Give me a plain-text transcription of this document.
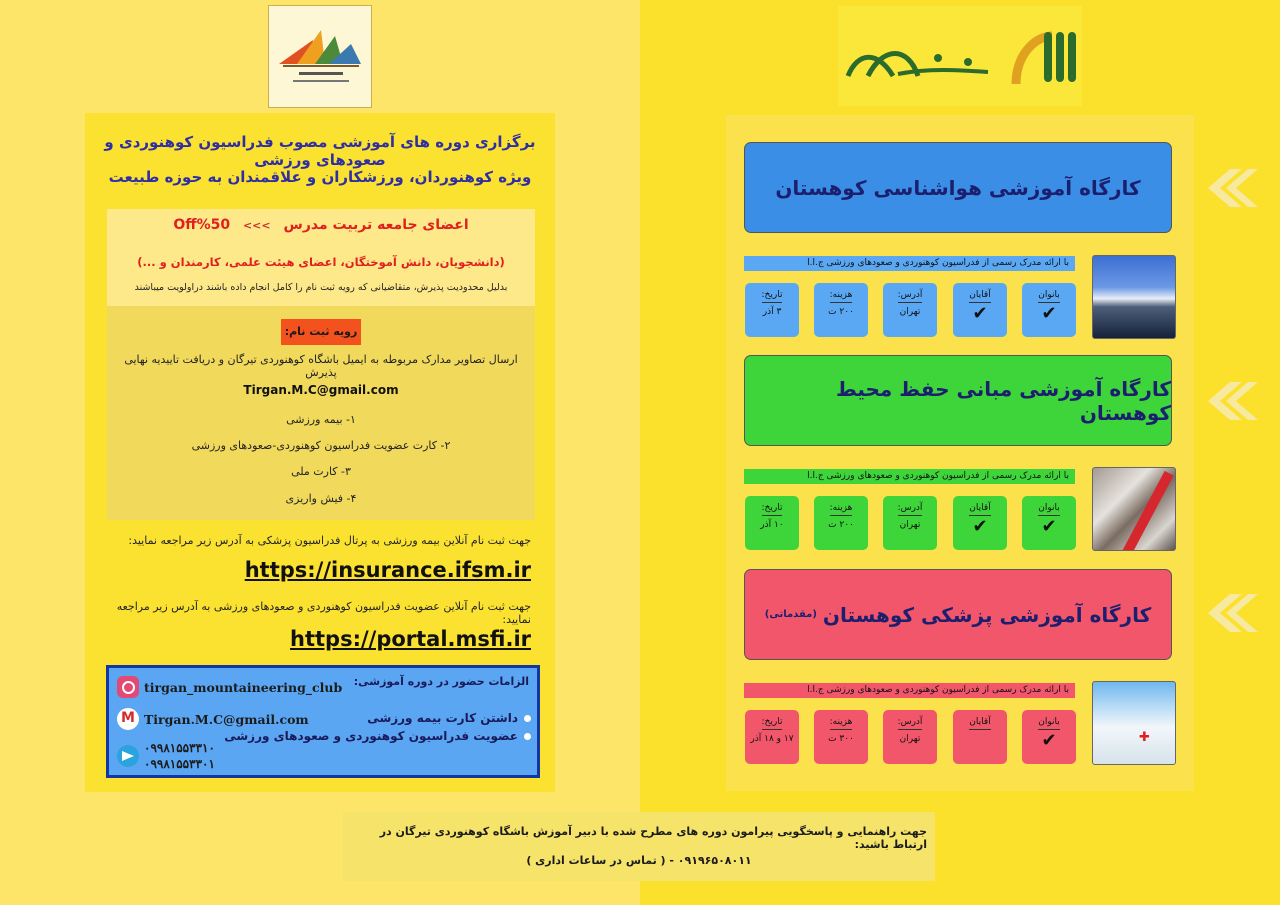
برگزاری دوره های آموزشی مصوب فدراسیون کوهنوردی و صعودهای ورزشی
ویژه کوهنوردان، ورزشکاران و علاقمندان به حوزه طبیعت
اعضای جامعه تربیت مدرس >>> 50%Off
(دانشجویان، دانش آموختگان، اعضای هیئت علمی، کارمندان و ...)
بدلیل محدودیت پذیرش، متقاضیانی که رویه ثبت نام را کامل انجام داده باشند دراولویت میباشند
رویه ثبت نام:
ارسال تصاویر مدارک مربوطه به ایمیل باشگاه کوهنوردی تیرگان و دریافت تاییدیه نهایی پذیرش
Tirgan.M.C@gmail.com
۱- بیمه ورزشی
۲- کارت عضویت فدراسیون کوهنوردی-صعودهای ورزشی
۳- کارت ملی
۴- فیش واریزی
جهت ثبت نام آنلاین بیمه ورزشی به پرتال فدراسیون پزشکی به آدرس زیر مراجعه نمایید:
https://insurance.ifsm.ir
جهت ثبت نام آنلاین عضویت فدراسیون کوهنوردی و صعودهای ورزشی به آدرس زیر مراجعه نمایید:
https://portal.msfi.ir
الزامات حضور در دوره آموزشی:
داشتن کارت بیمه ورزشی
عضویت فدراسیون کوهنوردی و صعودهای ورزشی
tirgan_mountaineering_club
M
Tirgan.M.C@gmail.com
۰۹۹۸۱۵۵۳۳۱۰
۰۹۹۸۱۵۵۳۳۰۱
کارگاه آموزشی هواشناسی کوهستان
با ارائه مدرک رسمی از فدراسیون کوهنوردی و صعودهای ورزشی ج.ا.ا
بانوان
✔
آقایان
✔
آدرس:
تهران
هزینه:
۲۰۰ ت
تاریخ:
۳ آذر
کارگاه آموزشی مبانی حفظ محیط کوهستان
با ارائه مدرک رسمی از فدراسیون کوهنوردی و صعودهای ورزشی ج.ا.ا
بانوان
✔
آقایان
✔
آدرس:
تهران
هزینه:
۲۰۰ ت
تاریخ:
۱۰ آذر
کارگاه آموزشی پزشکی کوهستان
(مقدماتی)
با ارائه مدرک رسمی از فدراسیون کوهنوردی و صعودهای ورزشی ج.ا.ا
بانوان
✔
آقایان
آدرس:
تهران
هزینه:
۳۰۰ ت
تاریخ:
۱۷ و ۱۸ آذر	✚
جهت راهنمایی و پاسخگویی پیرامون دوره های مطرح شده با دبیر آموزش باشگاه کوهنوردی تیرگان در ارتباط باشید:
۰۹۱۹۶۵۰۸۰۱۱ - ( تماس در ساعات اداری )
